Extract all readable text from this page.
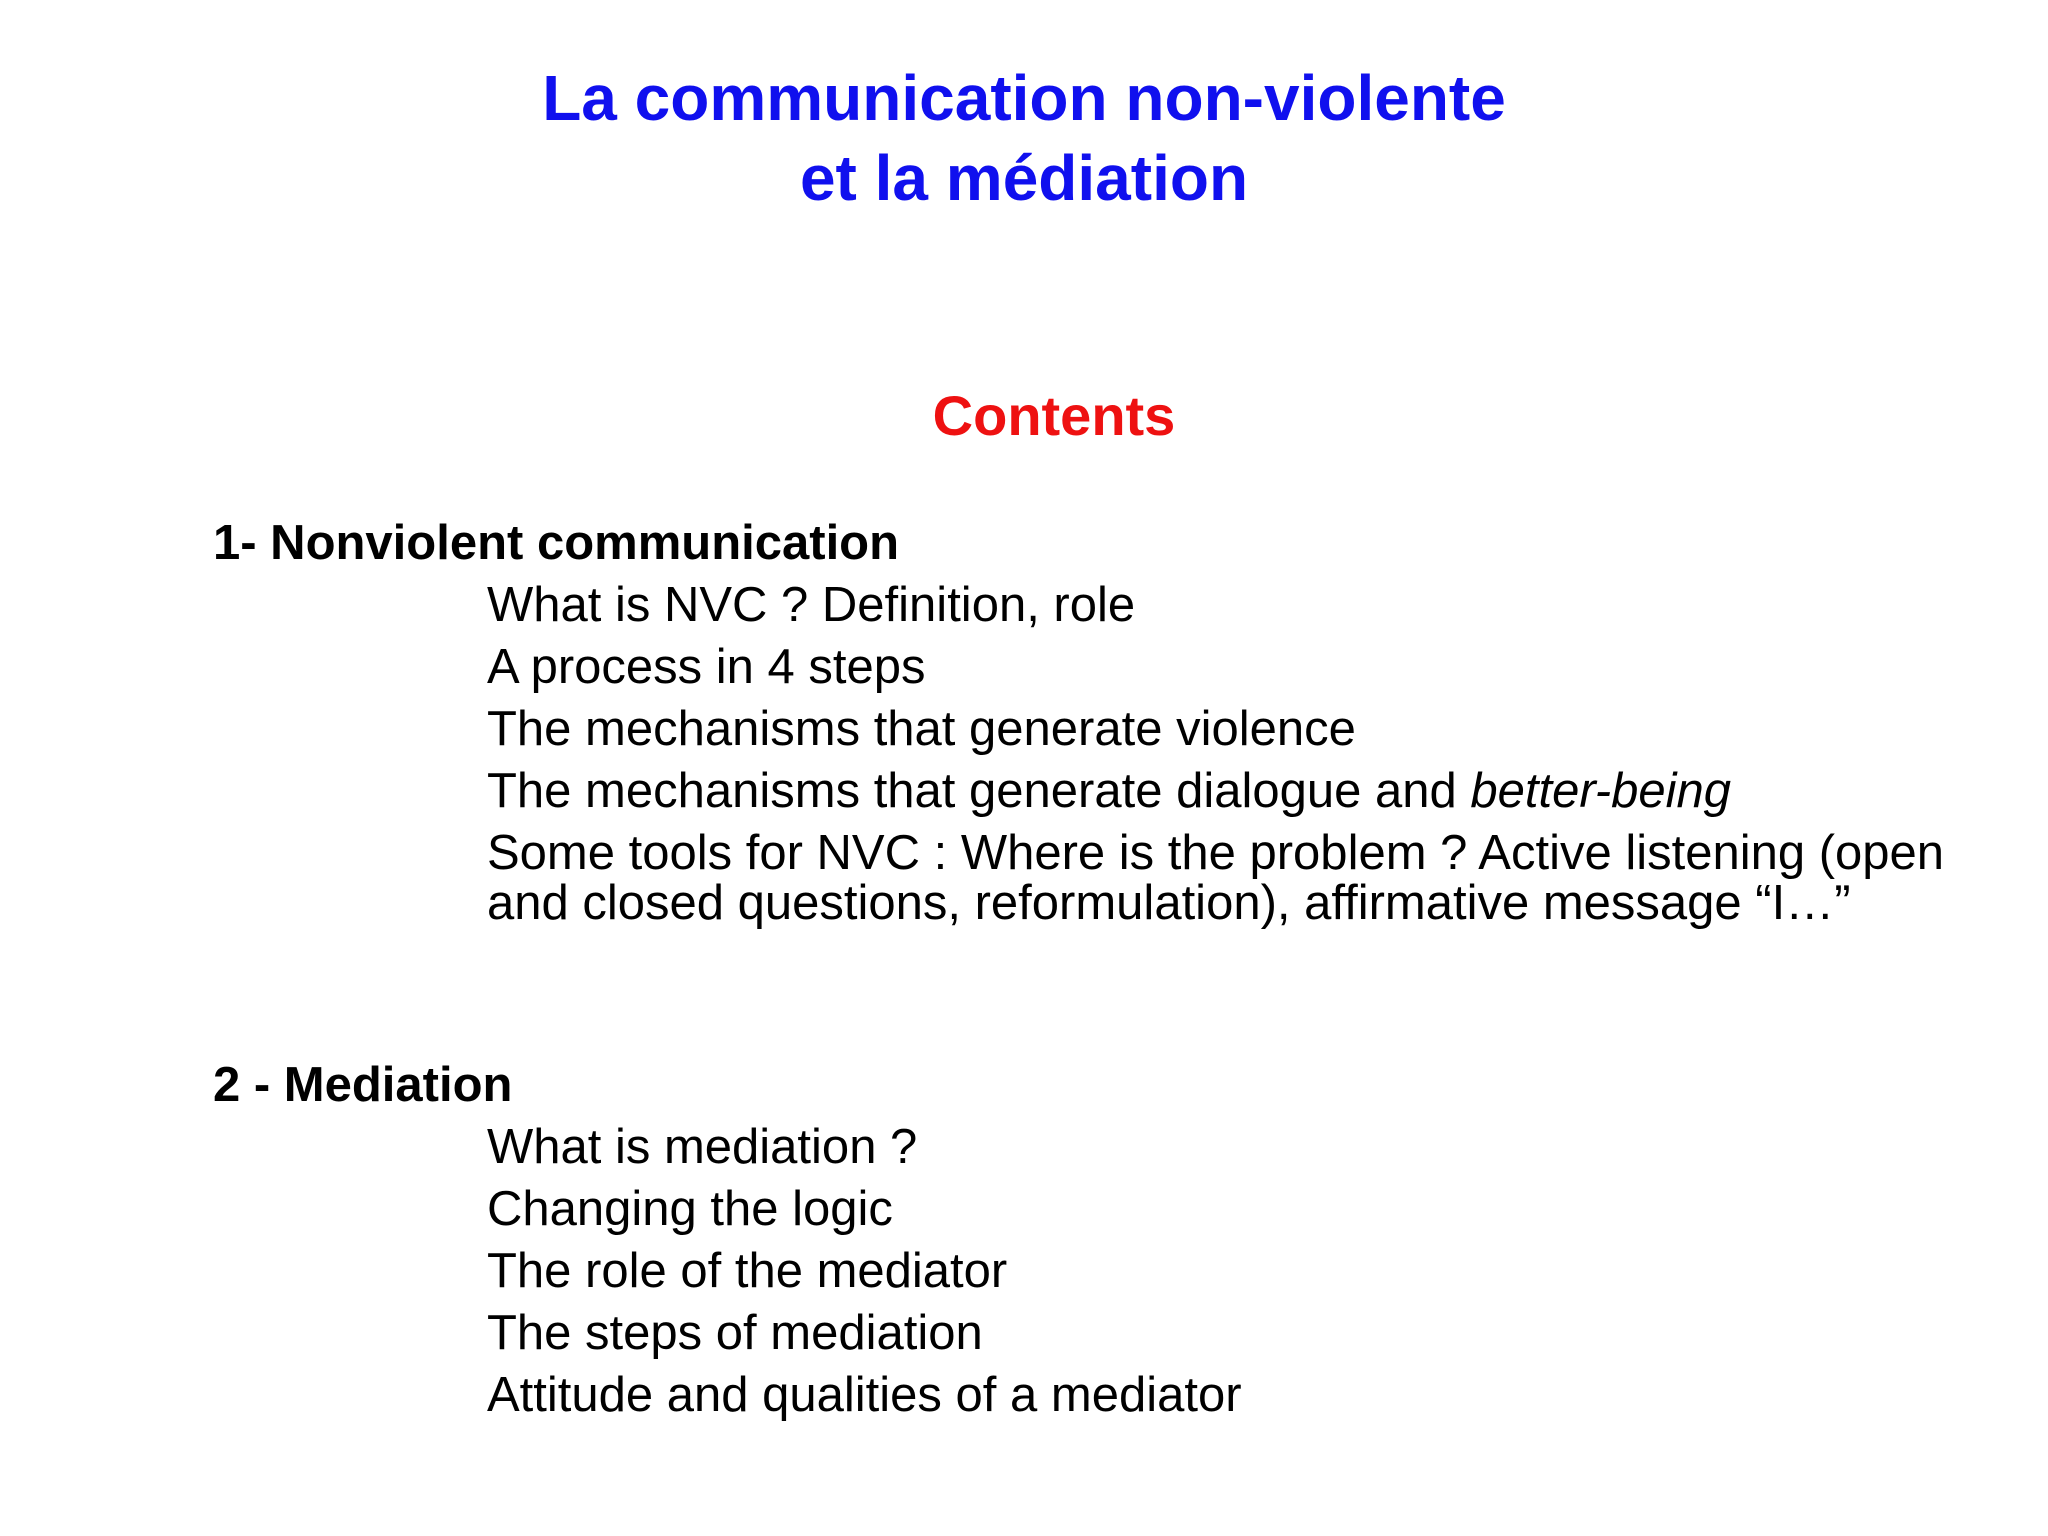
La communication non-violente
et la médiation
Contents
1- Nonviolent communication
What is NVC ? Definition, role
A process in 4 steps
The mechanisms that generate violence
The mechanisms that generate dialogue and better-being
Some tools for NVC : Where is the problem ? Active listening (open and closed questions, reformulation), affirmative message “I…”
2 - Mediation
What is mediation ?
Changing the logic
The role of the mediator
The steps of mediation
Attitude and qualities of a mediator
